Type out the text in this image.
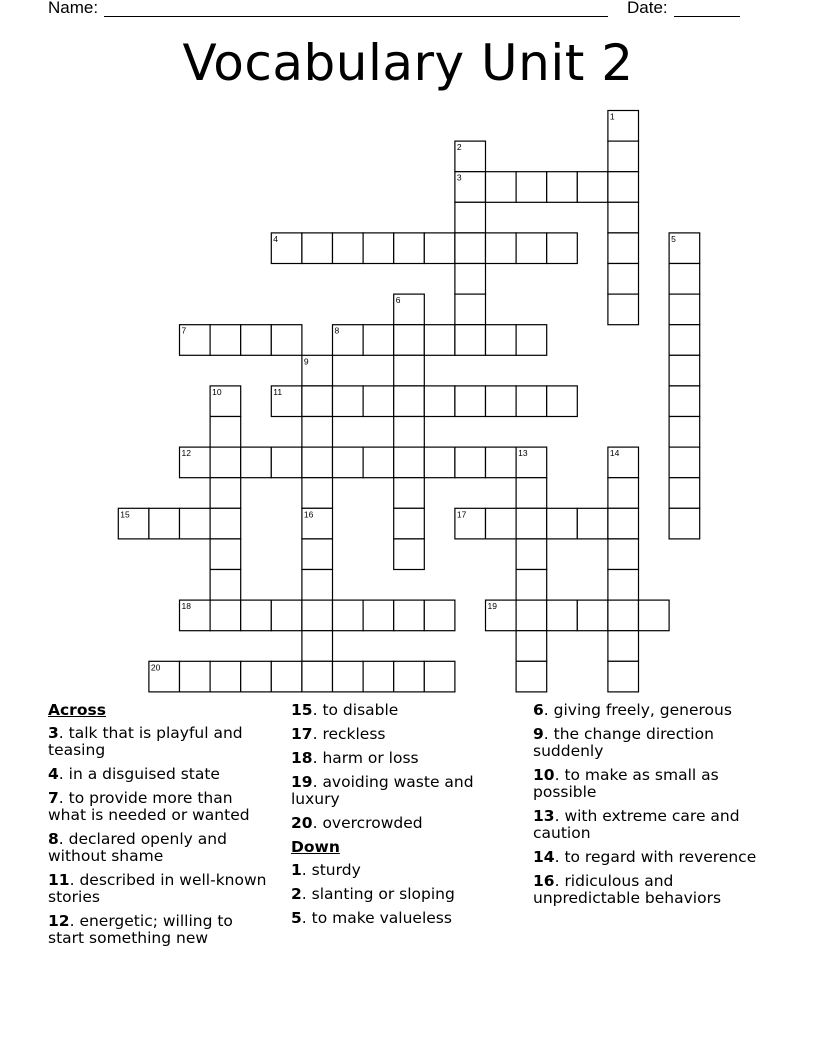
Name:	Date:
Vocabulary Unit 2
1
2
3
4	5
6
7	8
9
10	11
12	13	14
15	16	17
18	19
20
Across
3. talk that is playful and teasing
4. in a disguised state
7. to provide more than what is needed or wanted
8. declared openly and without shame
11. described in well-known stories
12. energetic; willing to start something new
15. to disable
17. reckless
18. harm or loss
19. avoiding waste and luxury
20. overcrowded
Down
1. sturdy
2. slanting or sloping
5. to make valueless
6. giving freely, generous
9. the change direction suddenly
10. to make as small as possible
13. with extreme care and caution
14. to regard with reverence
16. ridiculous and unpredictable behaviors
